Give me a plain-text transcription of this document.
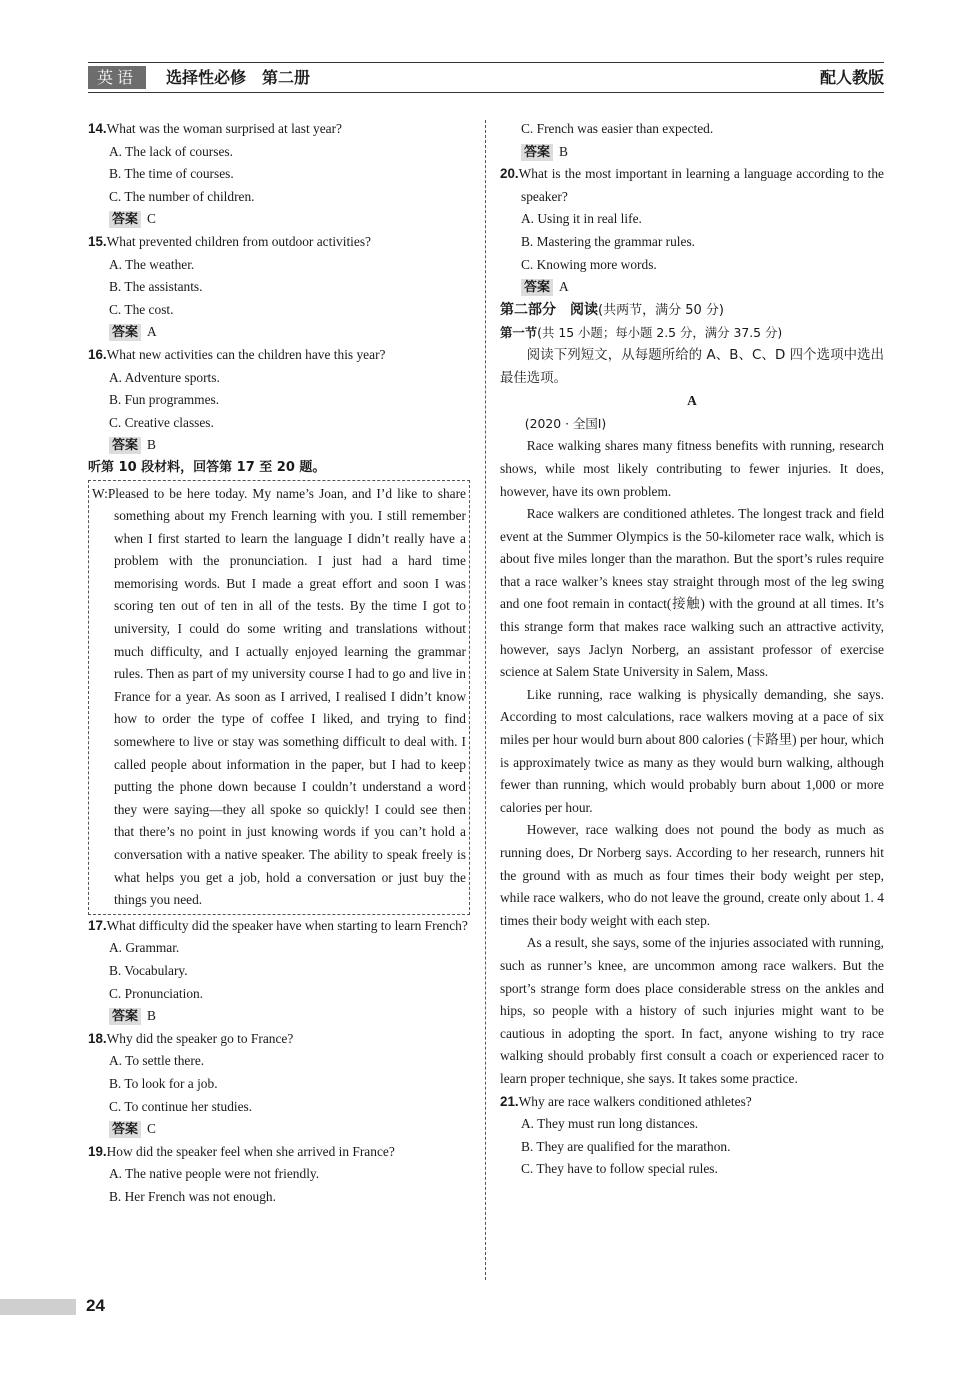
英语	选择性必修　第二册	配人教版
14.What was the woman surprised at last year?
A. The lack of courses.
B. The time of courses.
C. The number of children.
答案 C
15.What prevented children from outdoor activities?
A. The weather.
B. The assistants.
C. The cost.
答案 A
16.What new activities can the children have this year?
A. Adventure sports.
B. Fun programmes.
C. Creative classes.
答案 B
听第 10 段材料，回答第 17 至 20 题。
W:Pleased to be here today. My name’s Joan, and I’d like to share something about my French learning with you. I still remember when I first started to learn the language I didn’t really have a problem with the pronunciation. I just had a hard time memorising words. But I made a great effort and soon I was scoring ten out of ten in all of the tests. By the time I got to university, I could do some writing and translations without much difficulty, and I actually enjoyed learning the grammar rules. Then as part of my university course I had to go and live in France for a year. As soon as I arrived, I realised I didn’t know how to order the type of coffee I liked, and trying to find somewhere to live or stay was something difficult to deal with. I called people about information in the paper, but I had to keep putting the phone down because I couldn’t understand a word they were saying—they all spoke so quickly! I could see then that there’s no point in just knowing words if you can’t hold a conversation with a native speaker. The ability to speak freely is what helps you get a job, hold a conversation or just buy the things you need.
17.What difficulty did the speaker have when starting to learn French?
A. Grammar.
B. Vocabulary.
C. Pronunciation.
答案 B
18.Why did the speaker go to France?
A. To settle there.
B. To look for a job.
C. To continue her studies.
答案 C
19.How did the speaker feel when she arrived in France?
A. The native people were not friendly.
B. Her French was not enough.
C. French was easier than expected.
答案 B
20.What is the most important in learning a language according to the speaker?
A. Using it in real life.
B. Mastering the grammar rules.
C. Knowing more words.
答案 A
第二部分　阅读(共两节，满分 50 分)
第一节(共 15 小题；每小题 2.5 分，满分 37.5 分)
阅读下列短文，从每题所给的 A、B、C、D 四个选项中选出最佳选项。
A
(2020 · 全国Ⅰ)
Race walking shares many fitness benefits with running, research shows, while most likely contributing to fewer injuries. It does, however, have its own problem.
Race walkers are conditioned athletes. The longest track and field event at the Summer Olympics is the 50-kilometer race walk, which is about five miles longer than the marathon. But the sport’s rules require that a race walker’s knees stay straight through most of the leg swing and one foot remain in contact(接触) with the ground at all times. It’s this strange form that makes race walking such an attractive activity, however, says Jaclyn Norberg, an assistant professor of exercise science at Salem State University in Salem, Mass.
Like running, race walking is physically demanding, she says. According to most calculations, race walkers moving at a pace of six miles per hour would burn about 800 calories (卡路里) per hour, which is approximately twice as many as they would burn walking, although fewer than running, which would probably burn about 1,000 or more calories per hour.
However, race walking does not pound the body as much as running does, Dr Norberg says. According to her research, runners hit the ground with as much as four times their body weight per step, while race walkers, who do not leave the ground, create only about 1. 4 times their body weight with each step.
As a result, she says, some of the injuries associated with running, such as runner’s knee, are uncommon among race walkers. But the sport’s strange form does place considerable stress on the ankles and hips, so people with a history of such injuries might want to be cautious in adopting the sport. In fact, anyone wishing to try race walking should probably first consult a coach or experienced racer to learn proper technique, she says. It takes some practice.
21.Why are race walkers conditioned athletes?
A. They must run long distances.
B. They are qualified for the marathon.
C. They have to follow special rules.
24
